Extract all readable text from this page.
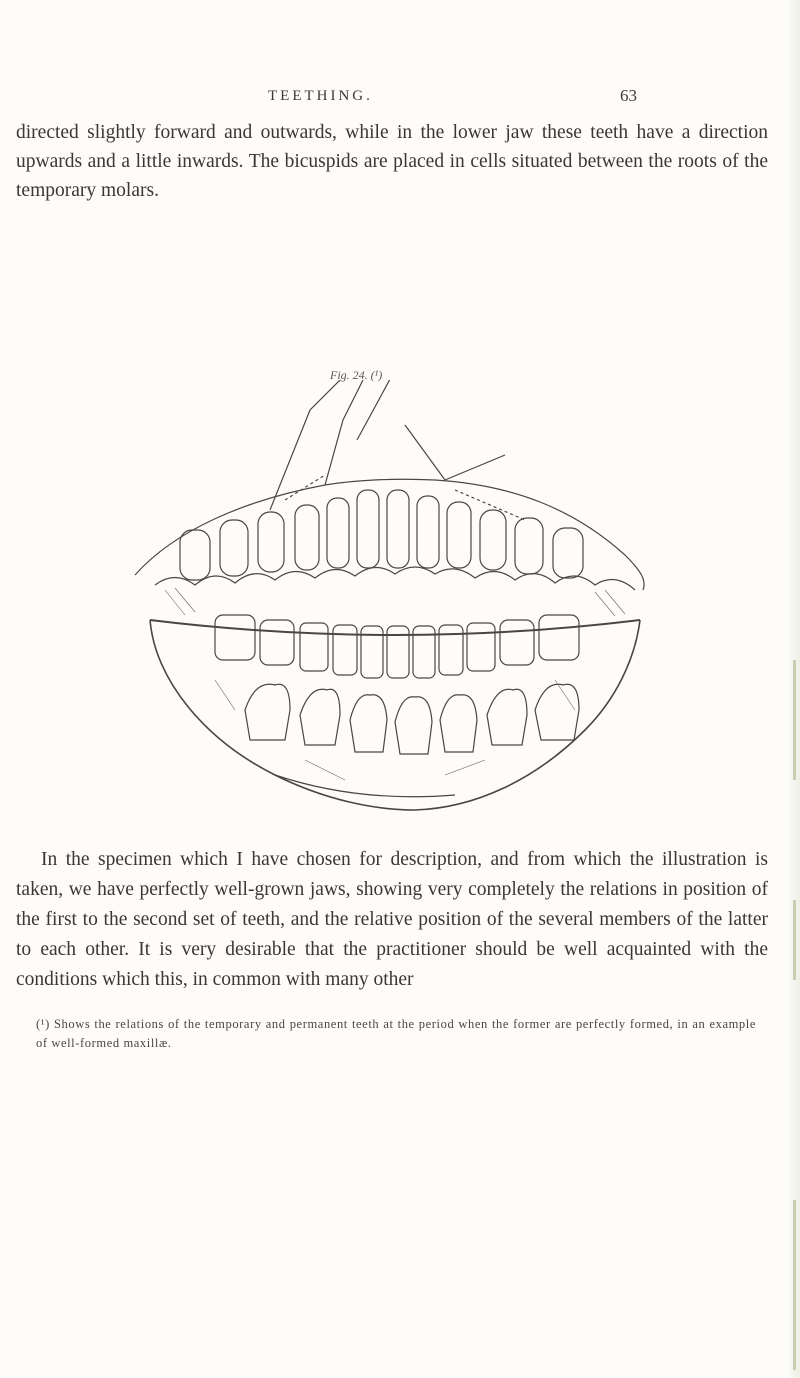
TEETHING.	63

directed slightly forward and outwards, while in the lower jaw these teeth have a direction upwards and a little inwards. The bicuspids are placed in cells situated between the roots of the temporary molars.

Fig. 24. (¹)

In the specimen which I have chosen for description, and from which the illustration is taken, we have perfectly well-grown jaws, showing very completely the relations in position of the first to the second set of teeth, and the relative position of the several members of the latter to each other. It is very desirable that the practitioner should be well acquainted with the conditions which this, in common with many other

(¹) Shows the relations of the temporary and permanent teeth at the period when the former are perfectly formed, in an example of well-formed maxillæ.
